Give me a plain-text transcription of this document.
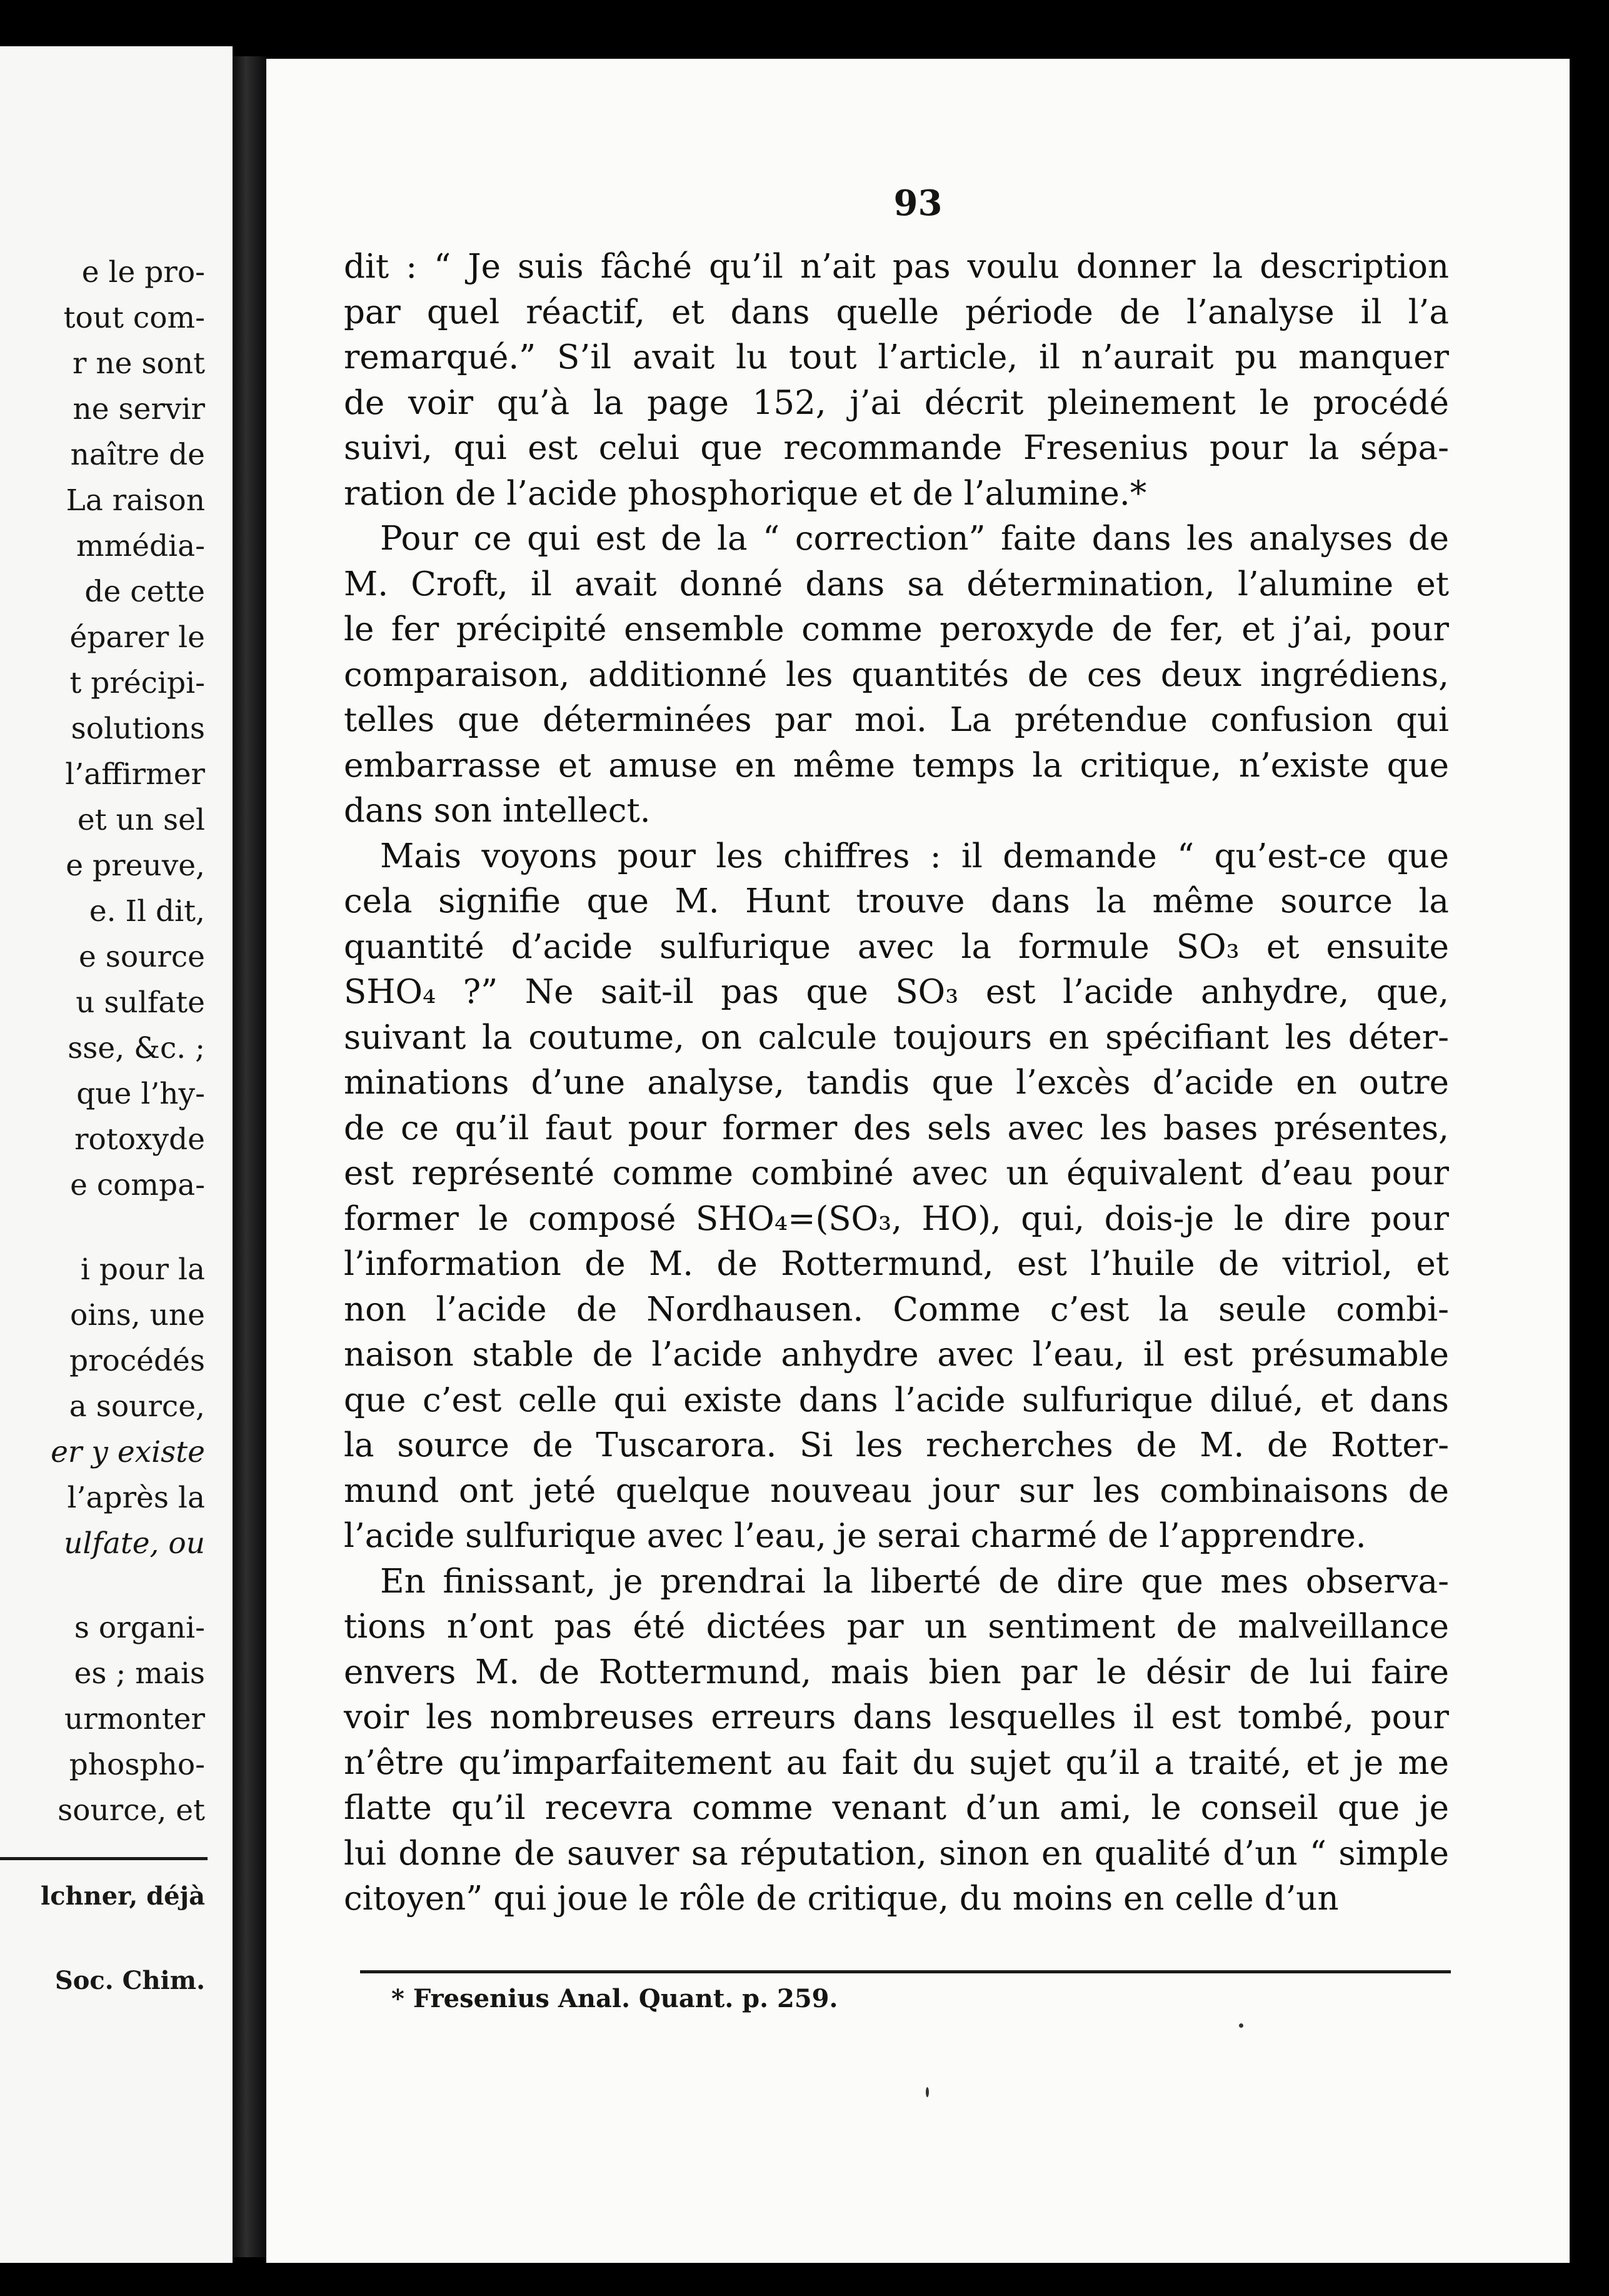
e le pro-
tout com-
r ne sont
ne servir
naître de
La raison
mmédia-
de cette
éparer le
t précipi-
solutions
l’affirmer
et un sel
e preuve,
e. Il dit,
e source
u sulfate
sse, &c. ;
que l’hy-
rotoxyde
e compa-
i pour la
oins, une
procédés
a source,
er y existe
l’après la
ulfate, ou
s organi-
es ; mais
urmonter
phospho-
source, et
lchner, déjà
Soc. Chim.
93
dit : “ Je suis fâché qu’il n’ait pas voulu donner la description
par quel réactif, et dans quelle période de l’analyse il l’a
remarqué.” S’il avait lu tout l’article, il n’aurait pu manquer
de voir qu’à la page 152, j’ai décrit pleinement le procédé
suivi, qui est celui que recommande Fresenius pour la sépa-
ration de l’acide phosphorique et de l’alumine.*
Pour ce qui est de la “ correction” faite dans les analyses de
M. Croft, il avait donné dans sa détermination, l’alumine et
le fer précipité ensemble comme peroxyde de fer, et j’ai, pour
comparaison, additionné les quantités de ces deux ingrédiens,
telles que déterminées par moi. La prétendue confusion qui
embarrasse et amuse en même temps la critique, n’existe que
dans son intellect.
Mais voyons pour les chiffres : il demande “ qu’est-ce que
cela signifie que M. Hunt trouve dans la même source la
quantité d’acide sulfurique avec la formule SO₃ et ensuite
SHO₄ ?” Ne sait-il pas que SO₃ est l’acide anhydre, que,
suivant la coutume, on calcule toujours en spécifiant les déter-
minations d’une analyse, tandis que l’excès d’acide en outre
de ce qu’il faut pour former des sels avec les bases présentes,
est représenté comme combiné avec un équivalent d’eau pour
former le composé SHO₄=(SO₃, HO), qui, dois-je le dire pour
l’information de M. de Rottermund, est l’huile de vitriol, et
non l’acide de Nordhausen. Comme c’est la seule combi-
naison stable de l’acide anhydre avec l’eau, il est présumable
que c’est celle qui existe dans l’acide sulfurique dilué, et dans
la source de Tuscarora. Si les recherches de M. de Rotter-
mund ont jeté quelque nouveau jour sur les combinaisons de
l’acide sulfurique avec l’eau, je serai charmé de l’apprendre.
En finissant, je prendrai la liberté de dire que mes observa-
tions n’ont pas été dictées par un sentiment de malveillance
envers M. de Rottermund, mais bien par le désir de lui faire
voir les nombreuses erreurs dans lesquelles il est tombé, pour
n’être qu’imparfaitement au fait du sujet qu’il a traité, et je me
flatte qu’il recevra comme venant d’un ami, le conseil que je
lui donne de sauver sa réputation, sinon en qualité d’un “ simple
citoyen” qui joue le rôle de critique, du moins en celle d’un
* Fresenius Anal. Quant. p. 259.
